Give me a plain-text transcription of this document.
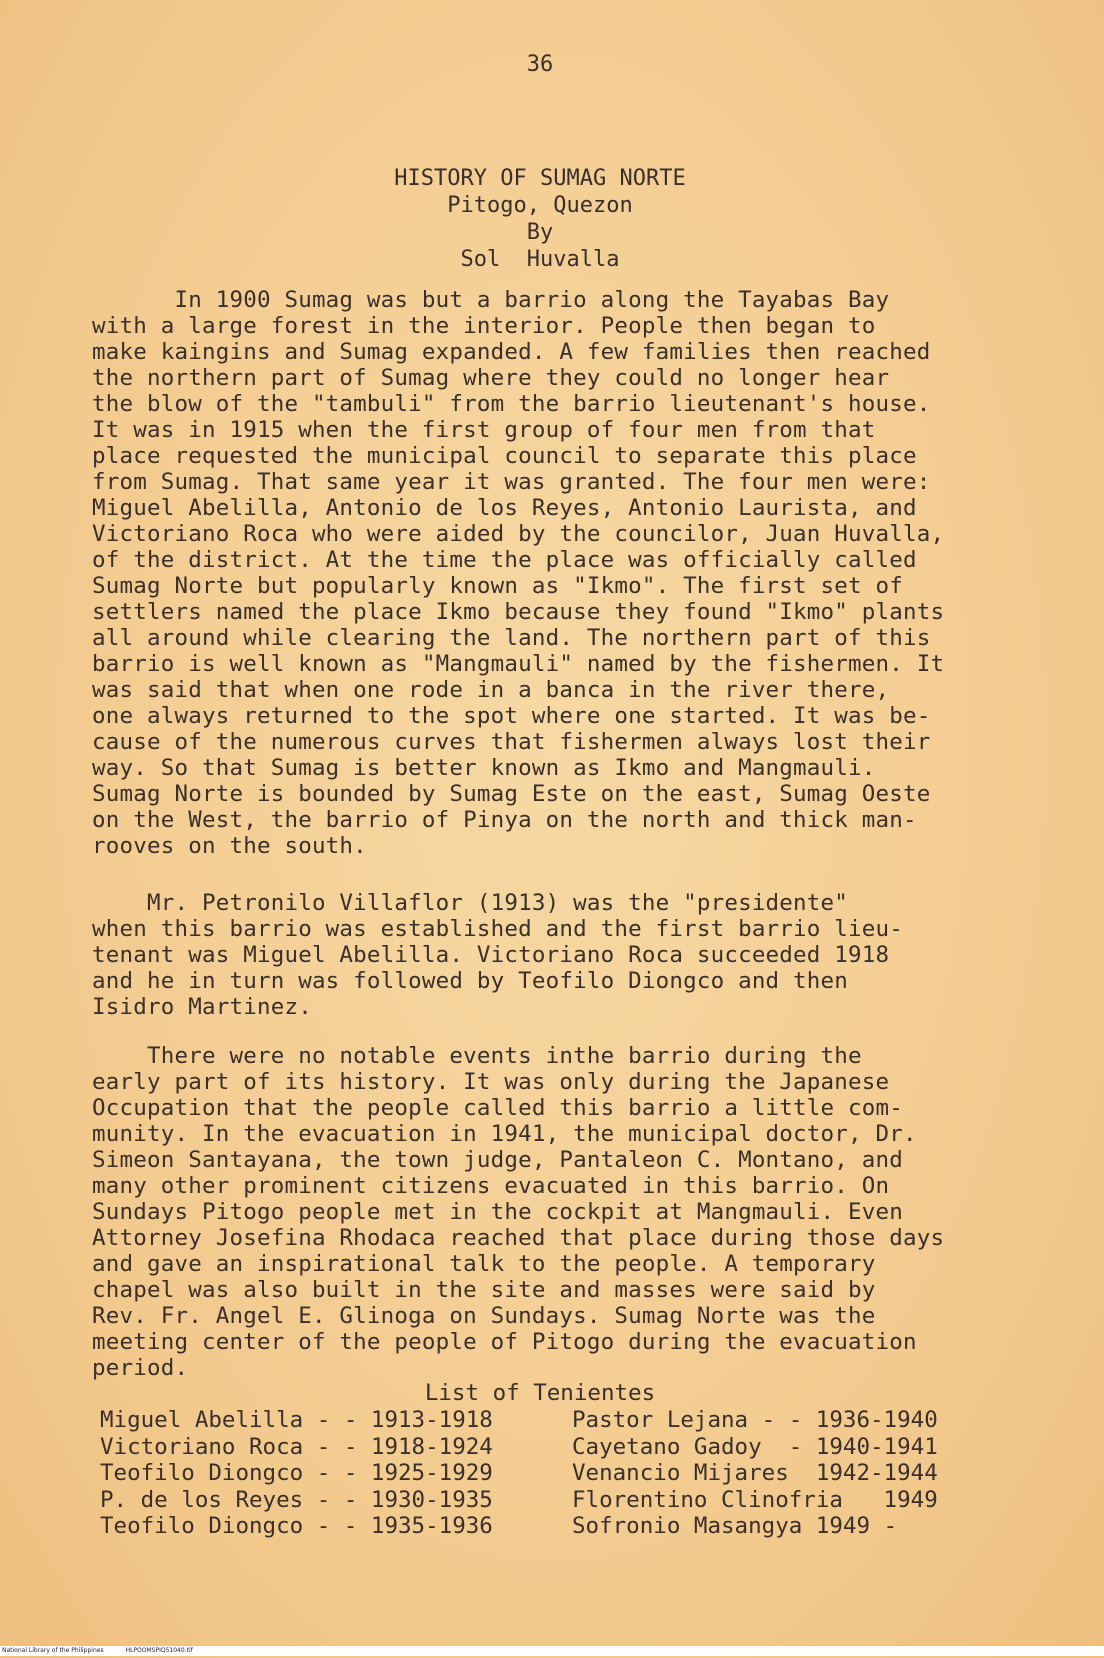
36
HISTORY OF SUMAG NORTE
Pitogo, Quezon
By
Sol  Huvalla
In 1900 Sumag was but a barrio along the Tayabas Bay
with a large forest in the interior. People then began to
make kaingins and Sumag expanded. A few families then reached
the northern part of Sumag where they could no longer hear
the blow of the "tambuli" from the barrio lieutenant's house.
It was in 1915 when the first group of four men from that
place requested the municipal council to separate this place
from Sumag. That same year it was granted. The four men were:
Miguel Abelilla, Antonio de los Reyes, Antonio Laurista, and
Victoriano Roca who were aided by the councilor, Juan Huvalla,
of the district. At the time the place was officially called
Sumag Norte but popularly known as "Ikmo". The first set of
settlers named the place Ikmo because they found "Ikmo" plants
all around while clearing the land. The northern part of this
barrio is well known as "Mangmauli" named by the fishermen. It
was said that when one rode in a banca in the river there,
one always returned to the spot where one started. It was be-
cause of the numerous curves that fishermen always lost their
way. So that Sumag is better known as Ikmo and Mangmauli.
Sumag Norte is bounded by Sumag Este on the east, Sumag Oeste
on the West, the barrio of Pinya on the north and thick man-
rooves on the south.
Mr. Petronilo Villaflor (1913) was the "presidente"
when this barrio was established and the first barrio lieu-
tenant was Miguel Abelilla. Victoriano Roca succeeded 1918
and he in turn was followed by Teofilo Diongco and then
Isidro Martinez.
There were no notable events inthe barrio during the
early part of its history. It was only during the Japanese
Occupation that the people called this barrio a little com-
munity. In the evacuation in 1941, the municipal doctor, Dr.
Simeon Santayana, the town judge, Pantaleon C. Montano, and
many other prominent citizens evacuated in this barrio. On
Sundays Pitogo people met in the cockpit at Mangmauli. Even
Attorney Josefina Rhodaca reached that place during those days
and gave an inspirational talk to the people. A temporary
chapel was also built in the site and masses were said by
Rev. Fr. Angel E. Glinoga on Sundays. Sumag Norte was the
meeting center of the people of Pitogo during the evacuation
period.
List of Tenientes
Miguel Abelilla - - 1913-1918	Pastor Lejana - - 1936-1940
Victoriano Roca - - 1918-1924	Cayetano Gadoy  - 1940-1941
Teofilo Diongco - - 1925-1929	Venancio Mijares  1942-1944
P. de los Reyes - - 1930-1935	Florentino Clinofria   1949
Teofilo Diongco - - 1935-1936	Sofronio Masangya 1949 -
National Library of the Philippines	HLPOOMSPIQ51040.tif
